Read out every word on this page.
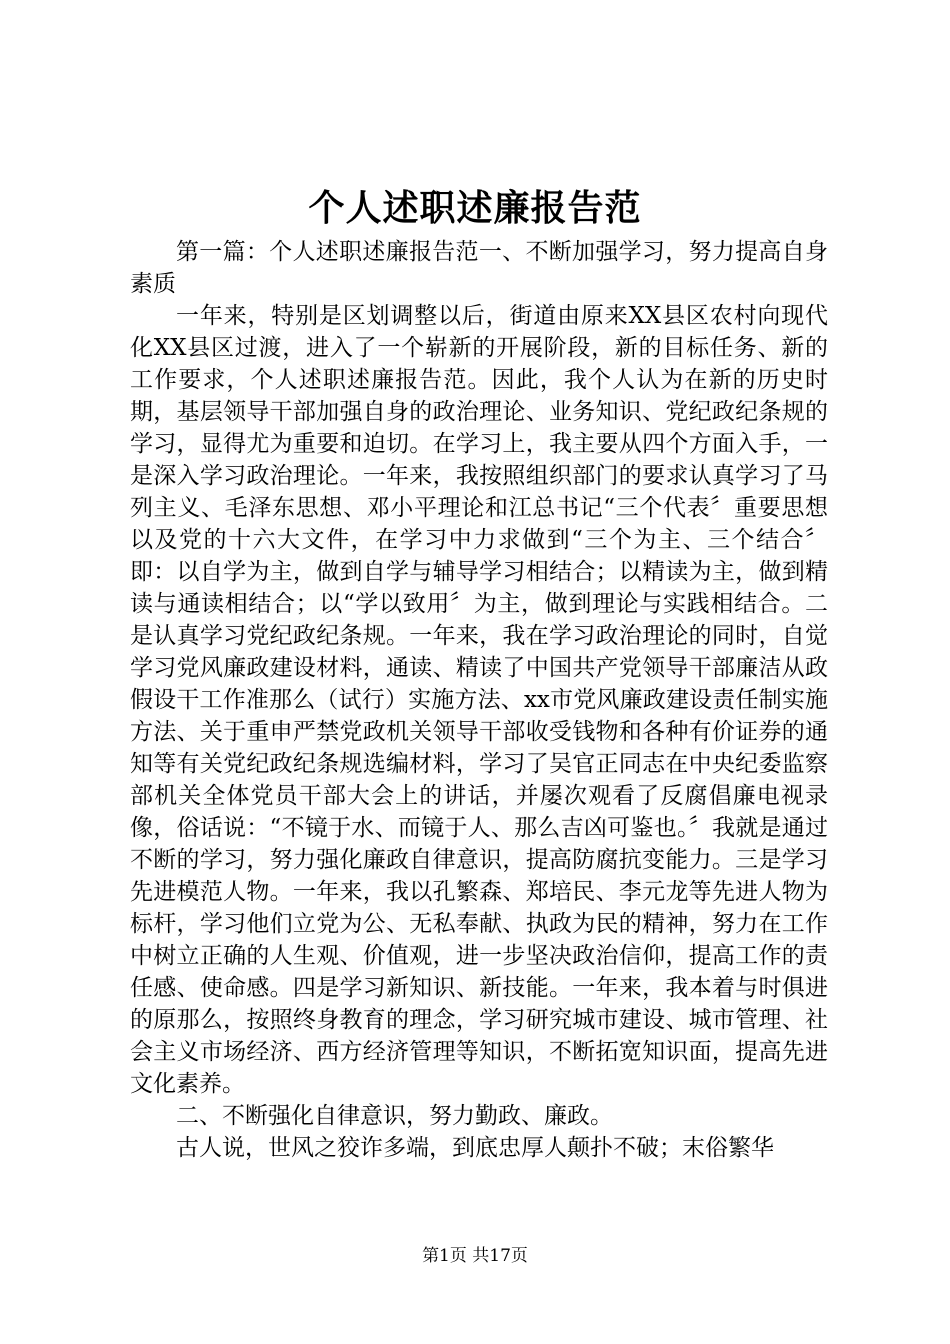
个人述职述廉报告范

第一篇：个人述职述廉报告范一、不断加强学习，努力提高自身素质

一年来，特别是区划调整以后，街道由原来XX县区农村向现代化XX县区过渡，进入了一个崭新的开展阶段，新的目标任务、新的工作要求，个人述职述廉报告范。因此，我个人认为在新的历史时期，基层领导干部加强自身的政治理论、业务知识、党纪政纪条规的学习，显得尤为重要和迫切。在学习上，我主要从四个方面入手，一是深入学习政治理论。一年来，我按照组织部门的要求认真学习了马列主义、毛泽东思想、邓小平理论和江总书记“三个代表〞重要思想以及党的十六大文件，在学习中力求做到“三个为主、三个结合〞即：以自学为主，做到自学与辅导学习相结合；以精读为主，做到精读与通读相结合；以“学以致用〞为主，做到理论与实践相结合。二是认真学习党纪政纪条规。一年来，我在学习政治理论的同时，自觉学习党风廉政建设材料，通读、精读了中国共产党领导干部廉洁从政假设干工作准那么（试行）实施方法、xx市党风廉政建设责任制实施方法、关于重申严禁党政机关领导干部收受钱物和各种有价证券的通知等有关党纪政纪条规选编材料，学习了吴官正同志在中央纪委监察部机关全体党员干部大会上的讲话，并屡次观看了反腐倡廉电视录像，俗话说：“不镜于水、而镜于人、那么吉凶可鉴也。〞我就是通过不断的学习，努力强化廉政自律意识，提高防腐抗变能力。三是学习先进模范人物。一年来，我以孔繁森、郑培民、李元龙等先进人物为标杆，学习他们立党为公、无私奉献、执政为民的精神，努力在工作中树立正确的人生观、价值观，进一步坚决政治信仰，提高工作的责任感、使命感。四是学习新知识、新技能。一年来，我本着与时俱进的原那么，按照终身教育的理念，学习研究城市建设、城市管理、社会主义市场经济、西方经济管理等知识，不断拓宽知识面，提高先进文化素养。

二、不断强化自律意识，努力勤政、廉政。

古人说，世风之狡诈多端，到底忠厚人颠扑不破；末俗繁华

第1页 共17页
